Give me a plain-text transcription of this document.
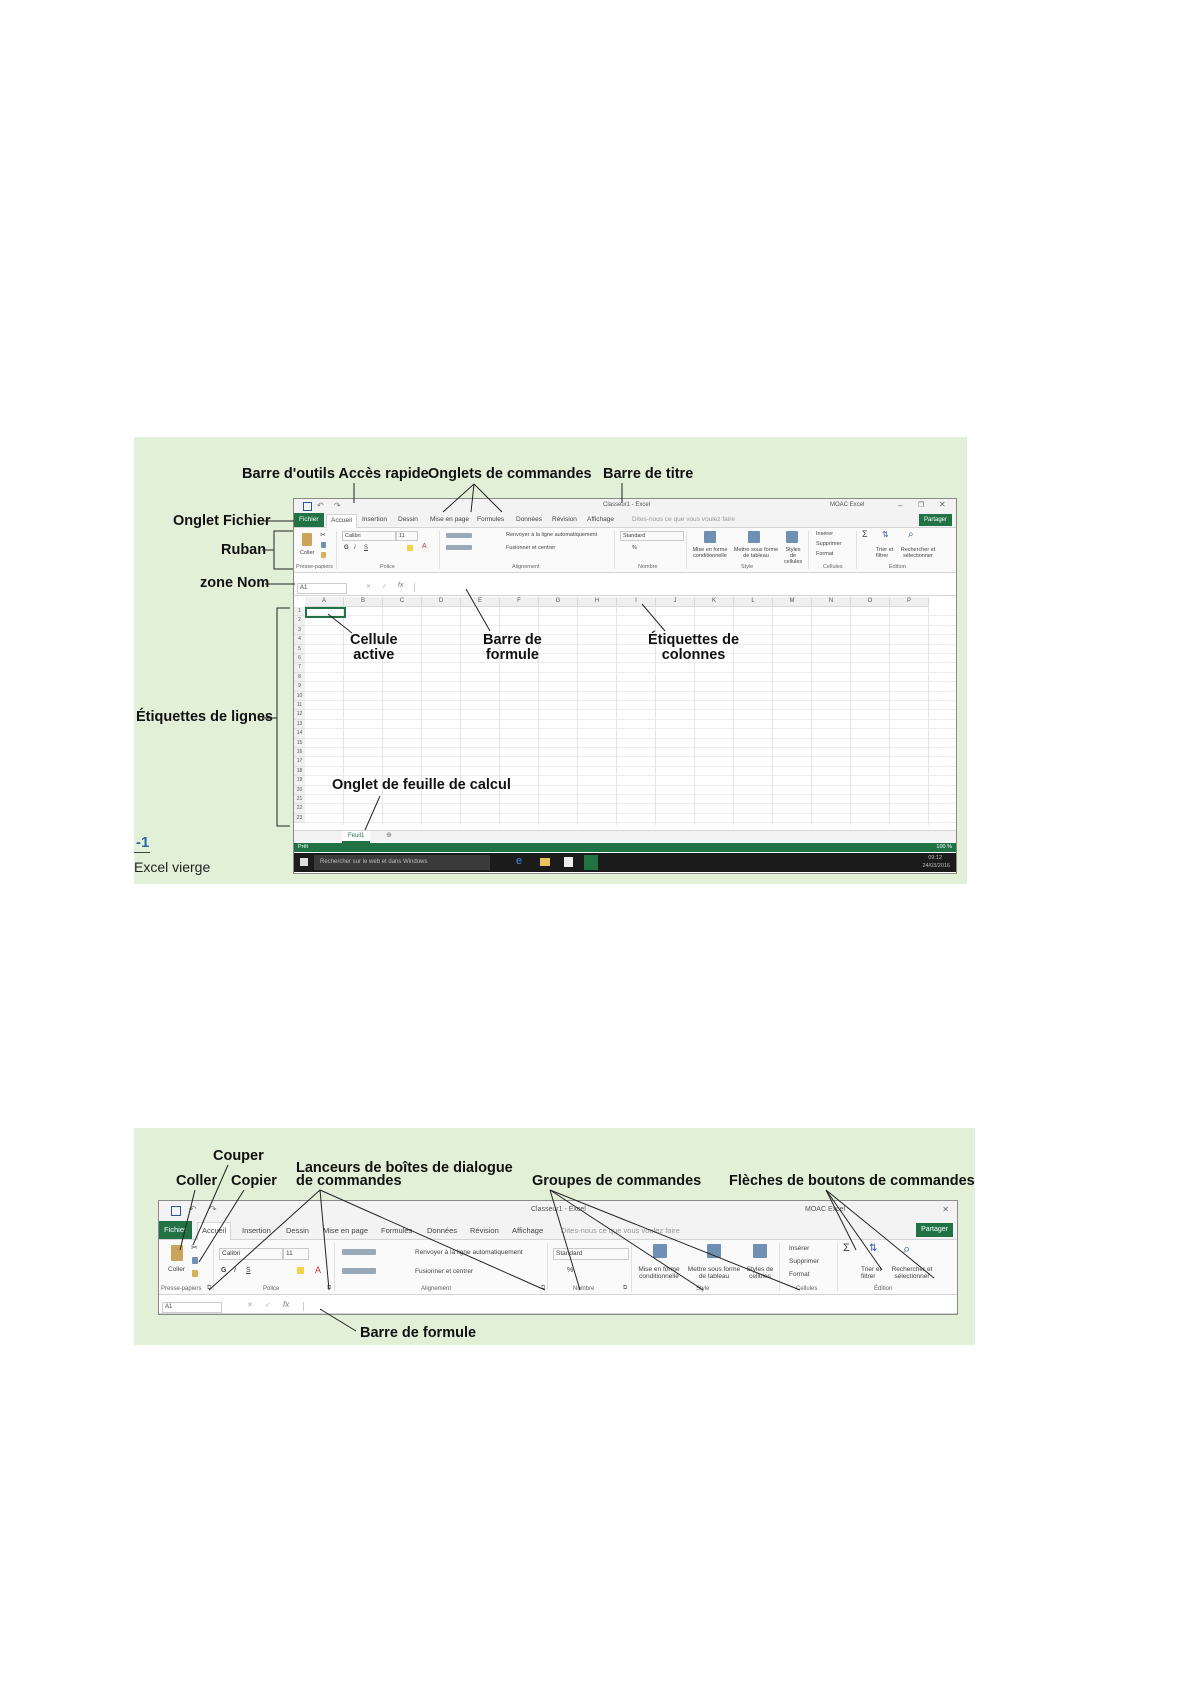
↶ ↷	Classeur1 - Excel	MOAC Excel	– ❐ ✕
Fichier	Accueil	Insertion Dessin Mise en page Formules Données Révision Affichage	Dites-nous ce que vous voulez faire	Partager
Coller
✂	Calibri	11
G I S	A
Renvoyer à la ligne automatiquement
Fusionner et centrer
Standard
%	Mise en forme conditionnelle
Mettre sous forme de tableau
Styles de cellules
Insérer
Supprimer
Format
Σ ⇅
Trier et filtrer
⌕
Rechercher et sélectionner
Presse-papiers	Police	Alignement	Nombre	Style	Cellules	Édition
A1	✕ ✓ fx
A	B	C	D	E	F	G	H	I	J	K	L	M	N	O	P
1
2
3
4
5
6
7
8
9
10
11
12
13
14
15
16
17
18
19
20
21
22
23
Feuil1	⊕
Prêt	100 %
Rechercher sur le web et dans Windows	e	09:12
24/03/2016
Barre d'outils Accès rapide Onglets de commandes Barre de titre
Onglet Fichier
Ruban
zone Nom
Cellule
active
Barre de
formule
Étiquettes de
colonnes
Étiquettes de lignes
Onglet de feuille de calcul
-1
Excel vierge
↶ ↷	Classeur1 - Excel	MOAC Excel	✕
Fichier	Accueil	Insertion Dessin Mise en page Formules Données Révision Affichage Dites-nous ce que vous voulez faire	Partager
Coller
✂
Calibri	11
G I S	A
Renvoyer à la ligne automatiquement
Fusionner et centrer
Standard
%	Mise en forme conditionnelle
Mettre sous forme de tableau
Styles de cellules
Insérer
Supprimer
Format
Σ ⇅
Trier et filtrer
⌕
Rechercher et sélectionner
Presse-papiers ⧉	Police	⧉	Alignement	⧉	Nombre	⧉	Style	Cellules	Édition
A1	✕ ✓ fx
Couper
Coller Copier
Lanceurs de boîtes de dialogue
de commandes	Groupes de commandes Flèches de boutons de commandes
Barre de formule
